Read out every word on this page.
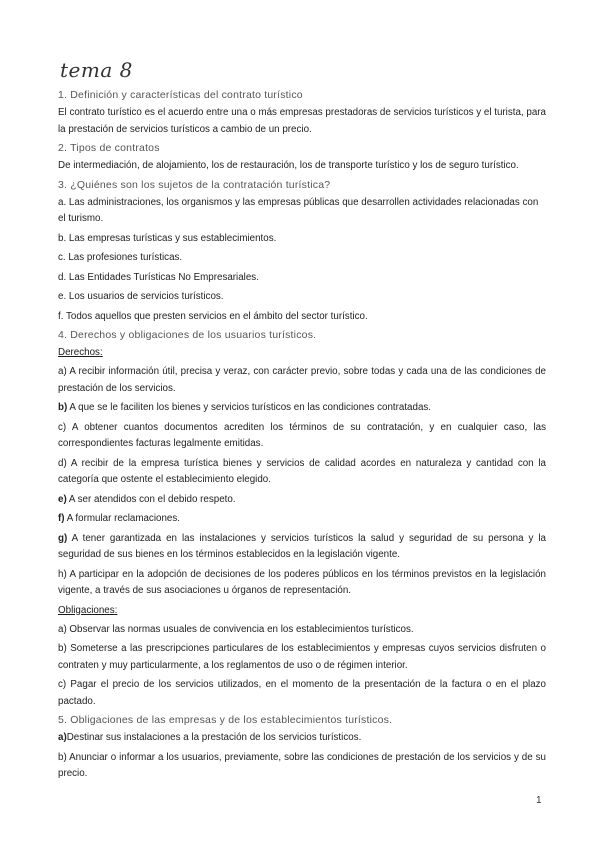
tema 8
1. Definición y características del contrato turístico
El contrato turístico es el acuerdo entre una o más empresas prestadoras de servicios turísticos y el turista, para la prestación de servicios turísticos a cambio de un precio.
2. Tipos de contratos
De intermediación, de alojamiento, los de restauración, los de transporte turístico y los de seguro turístico.
3. ¿Quiénes son los sujetos de la contratación turística?
a. Las administraciones, los organismos y las empresas públicas que desarrollen actividades relacionadas con el turismo.
b. Las empresas turísticas y sus establecimientos.
c. Las profesiones turísticas.
d. Las Entidades Turísticas No Empresariales.
e. Los usuarios de servicios turísticos.
f. Todos aquellos que presten servicios en el ámbito del sector turístico.
4. Derechos y obligaciones de los usuarios turísticos.
Derechos:
a) A recibir información útil, precisa y veraz, con carácter previo, sobre todas y cada una de las condiciones de prestación de los servicios.
b) A que se le faciliten los bienes y servicios turísticos en las condiciones contratadas.
c) A obtener cuantos documentos acrediten los términos de su contratación, y en cualquier caso, las correspondientes facturas legalmente emitidas.
d) A recibir de la empresa turística bienes y servicios de calidad acordes en naturaleza y cantidad con la categoría que ostente el establecimiento elegido.
e) A ser atendidos con el debido respeto.
f) A formular reclamaciones.
g) A tener garantizada en las instalaciones y servicios turísticos la salud y seguridad de su persona y la seguridad de sus bienes en los términos establecidos en la legislación vigente.
h) A participar en la adopción de decisiones de los poderes públicos en los términos previstos en la legislación vigente, a través de sus asociaciones u órganos de representación.
Obligaciones:
a) Observar las normas usuales de convivencia en los establecimientos turísticos.
b) Someterse a las prescripciones particulares de los establecimientos y empresas cuyos servicios disfruten o contraten y muy particularmente, a los reglamentos de uso o de régimen interior.
c) Pagar el precio de los servicios utilizados, en el momento de la presentación de la factura o en el plazo pactado.
5. Obligaciones de las empresas y de los establecimientos turísticos.
a)Destinar sus instalaciones a la prestación de los servicios turísticos.
b) Anunciar o informar a los usuarios, previamente, sobre las condiciones de prestación de los servicios y de su precio.
1
